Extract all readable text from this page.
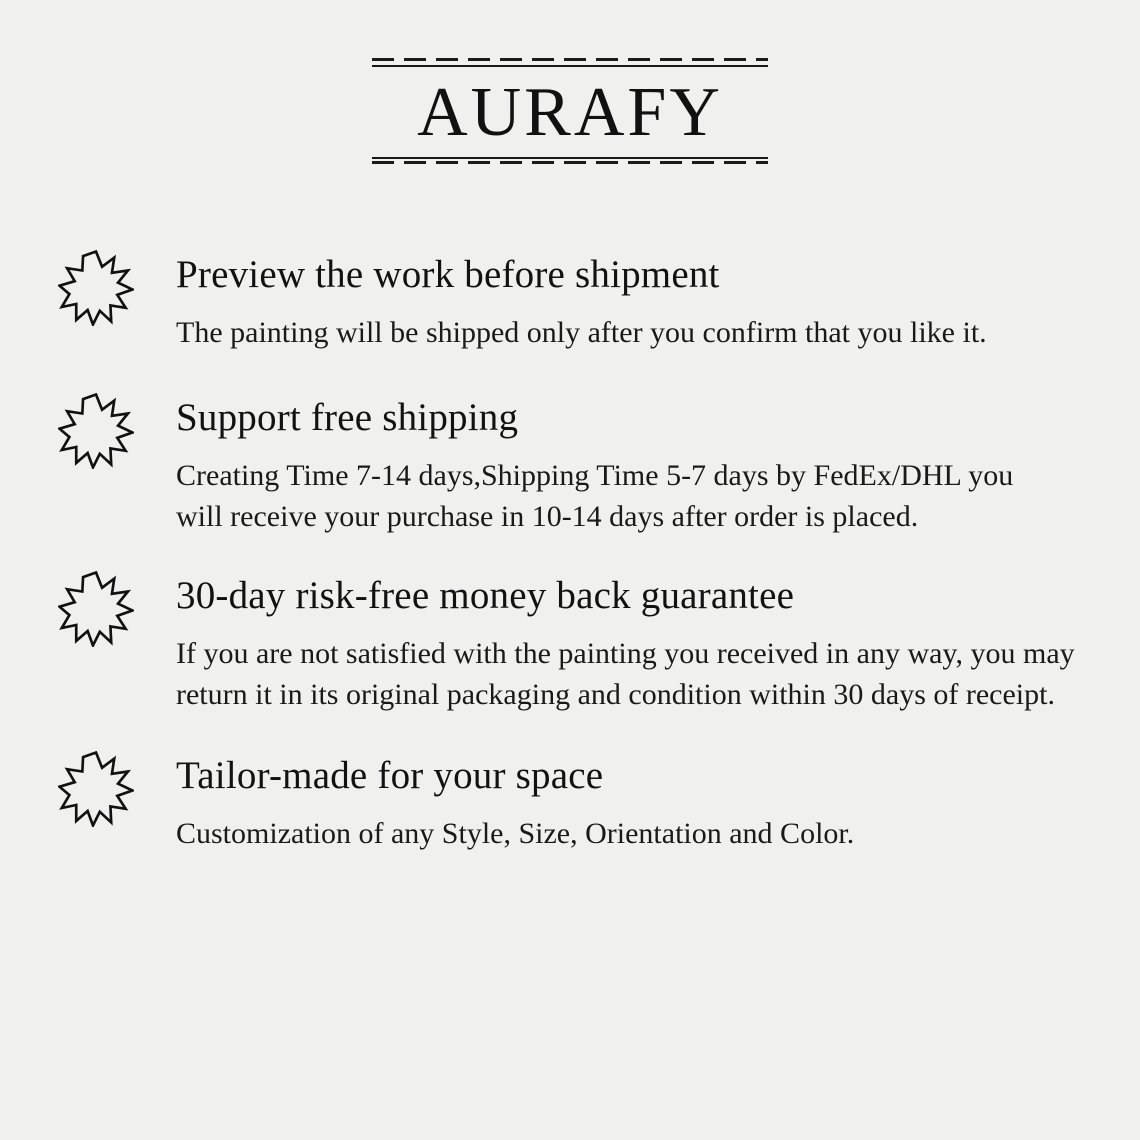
AURAFY
Preview the work before shipment
The painting will be shipped only after you confirm that you like it.
Support free shipping
Creating Time 7-14 days,Shipping Time 5-7 days by FedEx/DHL you will receive your purchase in 10-14 days after order is placed.
30-day risk-free money back guarantee
If you are not satisfied with the painting you received in any way, you may return it in its original packaging and condition within 30 days of receipt.
Tailor-made for your space
Customization of any Style, Size, Orientation and Color.
